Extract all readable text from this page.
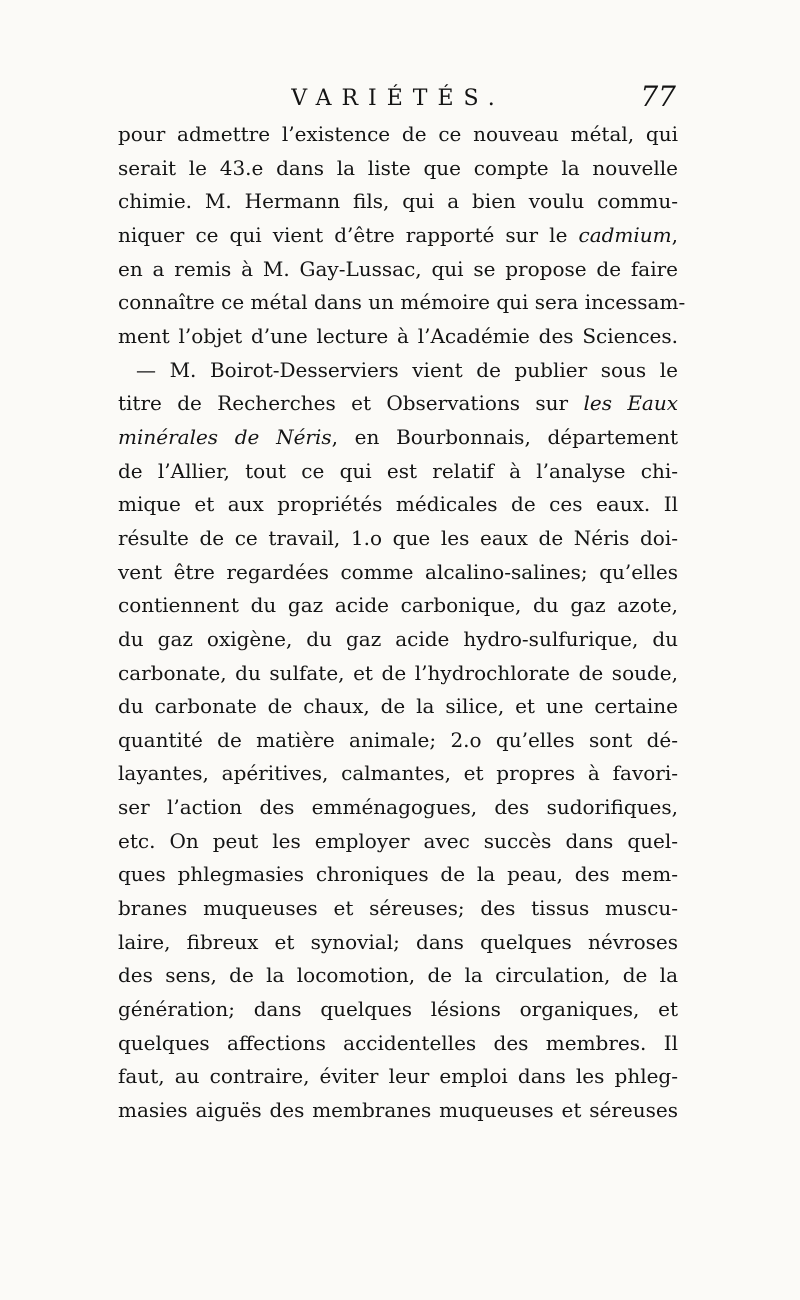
VARIÉTÉS.	77
pour admettre l’existence de ce nouveau métal, qui
serait le 43.e dans la liste que compte la nouvelle
chimie. M. Hermann fils, qui a bien voulu commu-
niquer ce qui vient d’être rapporté sur le cadmium,
en a remis à M. Gay-Lussac, qui se propose de faire
connaître ce métal dans un mémoire qui sera incessam-
ment l’objet d’une lecture à l’Académie des Sciences.
— M. Boirot-Desserviers vient de publier sous le
titre de Recherches et Observations sur les Eaux
minérales de Néris, en Bourbonnais, département
de l’Allier, tout ce qui est relatif à l’analyse chi-
mique et aux propriétés médicales de ces eaux. Il
résulte de ce travail, 1.o que les eaux de Néris doi-
vent être regardées comme alcalino-salines; qu’elles
contiennent du gaz acide carbonique, du gaz azote,
du gaz oxigène, du gaz acide hydro-sulfurique, du
carbonate, du sulfate, et de l’hydrochlorate de soude,
du carbonate de chaux, de la silice, et une certaine
quantité de matière animale; 2.o qu’elles sont dé-
layantes, apéritives, calmantes, et propres à favori-
ser l’action des emménagogues, des sudorifiques,
etc. On peut les employer avec succès dans quel-
ques phlegmasies chroniques de la peau, des mem-
branes muqueuses et séreuses; des tissus muscu-
laire, fibreux et synovial; dans quelques névroses
des sens, de la locomotion, de la circulation, de la
génération; dans quelques lésions organiques, et
quelques affections accidentelles des membres. Il
faut, au contraire, éviter leur emploi dans les phleg-
masies aiguës des membranes muqueuses et séreuses
